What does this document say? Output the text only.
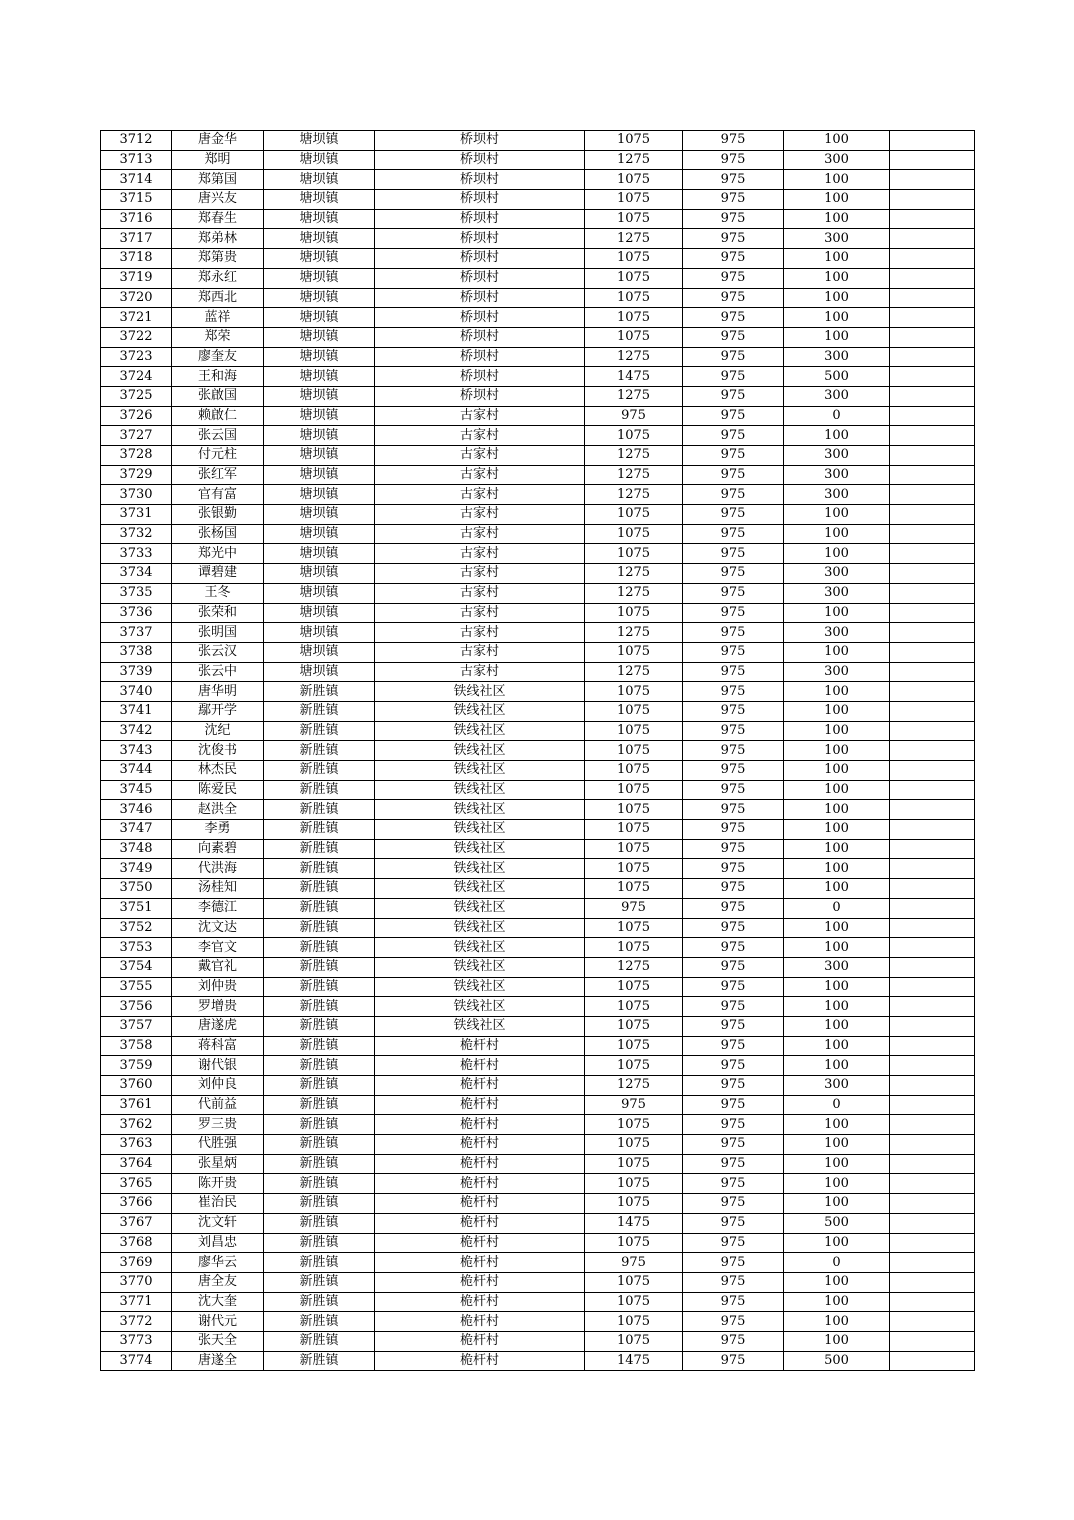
3712	唐金华	塘坝镇	桥坝村	1075	975	100	
3713	郑明	塘坝镇	桥坝村	1275	975	300	
3714	郑第国	塘坝镇	桥坝村	1075	975	100	
3715	唐兴友	塘坝镇	桥坝村	1075	975	100	
3716	郑春生	塘坝镇	桥坝村	1075	975	100	
3717	郑弟林	塘坝镇	桥坝村	1275	975	300	
3718	郑第贵	塘坝镇	桥坝村	1075	975	100	
3719	郑永红	塘坝镇	桥坝村	1075	975	100	
3720	郑西北	塘坝镇	桥坝村	1075	975	100	
3721	蓝祥	塘坝镇	桥坝村	1075	975	100	
3722	郑荣	塘坝镇	桥坝村	1075	975	100	
3723	廖奎友	塘坝镇	桥坝村	1275	975	300	
3724	王和海	塘坝镇	桥坝村	1475	975	500	
3725	张啟国	塘坝镇	桥坝村	1275	975	300	
3726	赖啟仁	塘坝镇	古家村	975	975	0	
3727	张云国	塘坝镇	古家村	1075	975	100	
3728	付元柱	塘坝镇	古家村	1275	975	300	
3729	张红军	塘坝镇	古家村	1275	975	300	
3730	官有富	塘坝镇	古家村	1275	975	300	
3731	张银勤	塘坝镇	古家村	1075	975	100	
3732	张杨国	塘坝镇	古家村	1075	975	100	
3733	郑光中	塘坝镇	古家村	1075	975	100	
3734	谭碧建	塘坝镇	古家村	1275	975	300	
3735	王冬	塘坝镇	古家村	1275	975	300	
3736	张荣和	塘坝镇	古家村	1075	975	100	
3737	张明国	塘坝镇	古家村	1275	975	300	
3738	张云汉	塘坝镇	古家村	1075	975	100	
3739	张云中	塘坝镇	古家村	1275	975	300	
3740	唐华明	新胜镇	铁线社区	1075	975	100	
3741	鄢开学	新胜镇	铁线社区	1075	975	100	
3742	沈纪	新胜镇	铁线社区	1075	975	100	
3743	沈俊书	新胜镇	铁线社区	1075	975	100	
3744	林杰民	新胜镇	铁线社区	1075	975	100	
3745	陈爱民	新胜镇	铁线社区	1075	975	100	
3746	赵洪全	新胜镇	铁线社区	1075	975	100	
3747	李勇	新胜镇	铁线社区	1075	975	100	
3748	向素碧	新胜镇	铁线社区	1075	975	100	
3749	代洪海	新胜镇	铁线社区	1075	975	100	
3750	汤桂知	新胜镇	铁线社区	1075	975	100	
3751	李德江	新胜镇	铁线社区	975	975	0	
3752	沈文达	新胜镇	铁线社区	1075	975	100	
3753	李官文	新胜镇	铁线社区	1075	975	100	
3754	戴官礼	新胜镇	铁线社区	1275	975	300	
3755	刘仲贵	新胜镇	铁线社区	1075	975	100	
3756	罗增贵	新胜镇	铁线社区	1075	975	100	
3757	唐遂虎	新胜镇	铁线社区	1075	975	100	
3758	蒋科富	新胜镇	桅杆村	1075	975	100	
3759	谢代银	新胜镇	桅杆村	1075	975	100	
3760	刘仲良	新胜镇	桅杆村	1275	975	300	
3761	代前益	新胜镇	桅杆村	975	975	0	
3762	罗三贵	新胜镇	桅杆村	1075	975	100	
3763	代胜强	新胜镇	桅杆村	1075	975	100	
3764	张星炳	新胜镇	桅杆村	1075	975	100	
3765	陈开贵	新胜镇	桅杆村	1075	975	100	
3766	崔治民	新胜镇	桅杆村	1075	975	100	
3767	沈文轩	新胜镇	桅杆村	1475	975	500	
3768	刘昌忠	新胜镇	桅杆村	1075	975	100	
3769	廖华云	新胜镇	桅杆村	975	975	0	
3770	唐全友	新胜镇	桅杆村	1075	975	100	
3771	沈大奎	新胜镇	桅杆村	1075	975	100	
3772	谢代元	新胜镇	桅杆村	1075	975	100	
3773	张天全	新胜镇	桅杆村	1075	975	100	
3774	唐遂全	新胜镇	桅杆村	1475	975	500	
